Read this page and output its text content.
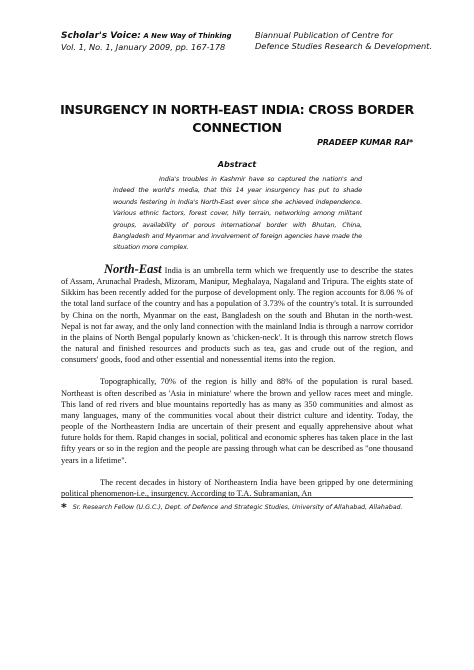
Scholar's Voice: A New Way of Thinking
Vol. 1, No. 1, January 2009, pp. 167-178
Biannual Publication of Centre for
Defence Studies Research & Development.
INSURGENCY IN NORTH-EAST INDIA: CROSS BORDER CONNECTION
PRADEEP KUMAR RAI*
Abstract
India's troubles in Kashmir have so captured the nation's and indeed the world's media, that this 14 year insurgency has put to shade wounds festering in India's North-East ever since she achieved independence. Various ethnic factors, forest cover, hilly terrain, networking among militant groups, availability of porous international border with Bhutan, China, Bangladesh and Myanmar and involvement of foreign agencies have made the situation more complex.

North-East India is an umbrella term which we frequently use to describe the states of Assam, Arunachal Pradesh, Mizoram, Manipur, Meghalaya, Nagaland and Tripura. The eights state of Sikkim has been recently added for the purpose of development only. The region accounts for 8.06 % of the total land surface of the country and has a population of 3.73% of the country's total. It is surrounded by China on the north, Myanmar on the east, Bangladesh on the south and Bhutan in the north-west. Nepal is not far away, and the only land connection with the mainland India is through a narrow corridor in the plains of North Bengal popularly known as 'chicken-neck'. It is through this narrow stretch flows the natural and finished resources and products such as tea, gas and crude out of the region, and consumers' goods, food and other essential and nonessential items into the region.

Topographically, 70% of the region is hilly and 88% of the population is rural based. Northeast is often described as 'Asia in miniature' where the brown and yellow races meet and mingle. This land of red rivers and blue mountains reportedly has as many as 350 communities and almost as many languages, many of the communities vocal about their district culture and identity. Today, the people of the Northeastern India are uncertain of their present and equally apprehensive about what future holds for them. Rapid changes in social, political and economic spheres has taken place in the last fifty years or so in the region and the people are passing through what can be described as "one thousand years in a lifetime".

The recent decades in history of Northeastern India have been gripped by one determining political phenomenon-i.e., insurgency. According to T.A. Subramanian, An

* Sr. Research Fellow (U.G.C.), Dept. of Defence and Strategic Studies, University of Allahabad, Allahabad.
